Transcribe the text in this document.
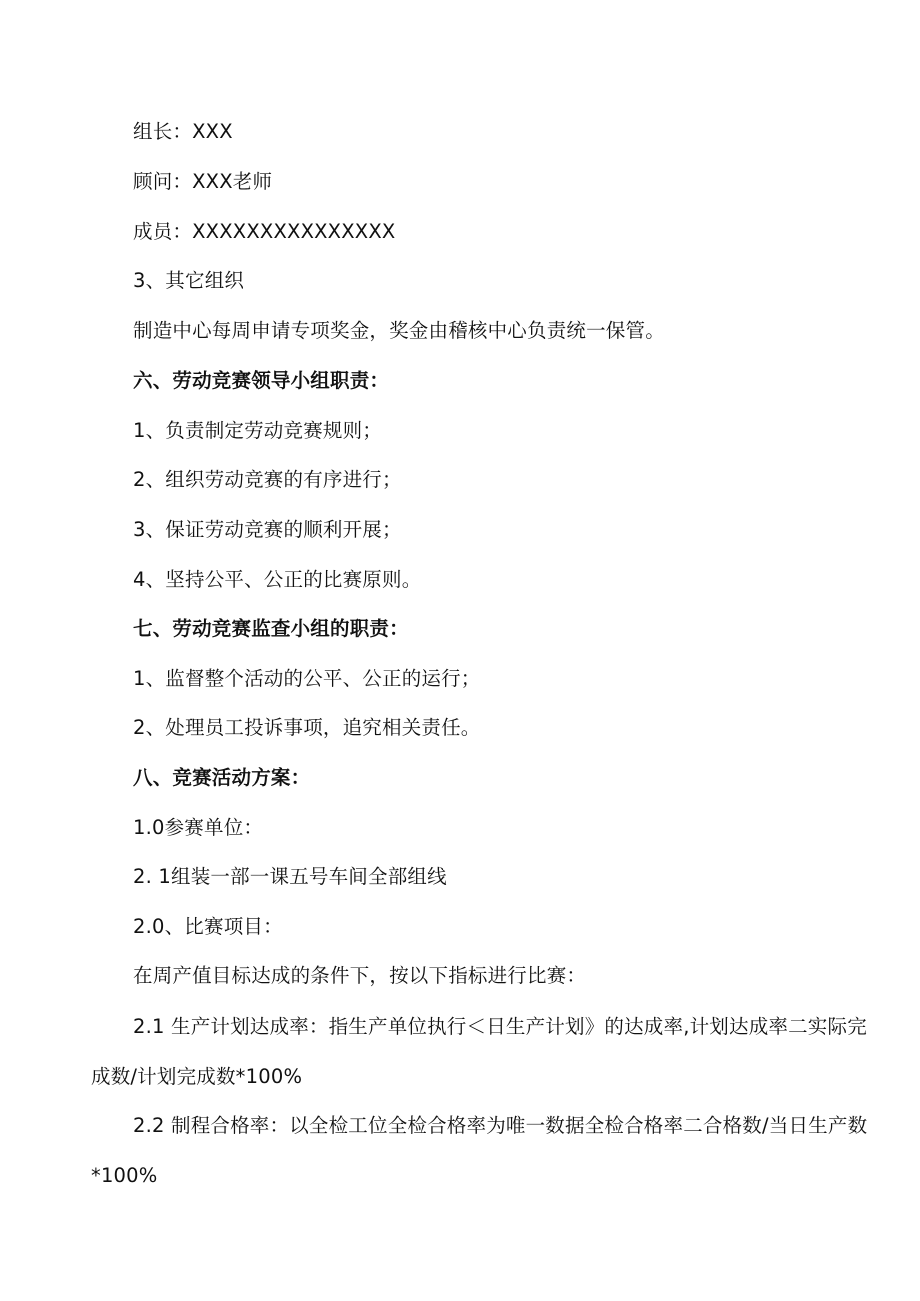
组长：XXX
顾问：XXX老师
成员：XXXXXXXXXXXXXXX
3、其它组织
制造中心每周申请专项奖金，奖金由稽核中心负责统一保管。
六、劳动竞赛领导小组职责：
1、负责制定劳动竞赛规则；
2、组织劳动竞赛的有序进行；
3、保证劳动竞赛的顺利开展；
4、坚持公平、公正的比赛原则。
七、劳动竞赛监查小组的职责：
1、监督整个活动的公平、公正的运行；
2、处理员工投诉事项，追究相关责任。
八、竞赛活动方案：
1.0参赛单位：
2. 1组装一部一课五号车间全部组线
2.0、比赛项目：
在周产值目标达成的条件下，按以下指标进行比赛：
2.1 生产计划达成率：指生产单位执行＜日生产计划》的达成率,计划达成率二实际完成数/计划完成数*100%
2.2 制程合格率：以全检工位全检合格率为唯一数据全检合格率二合格数/当日生产数*100%
